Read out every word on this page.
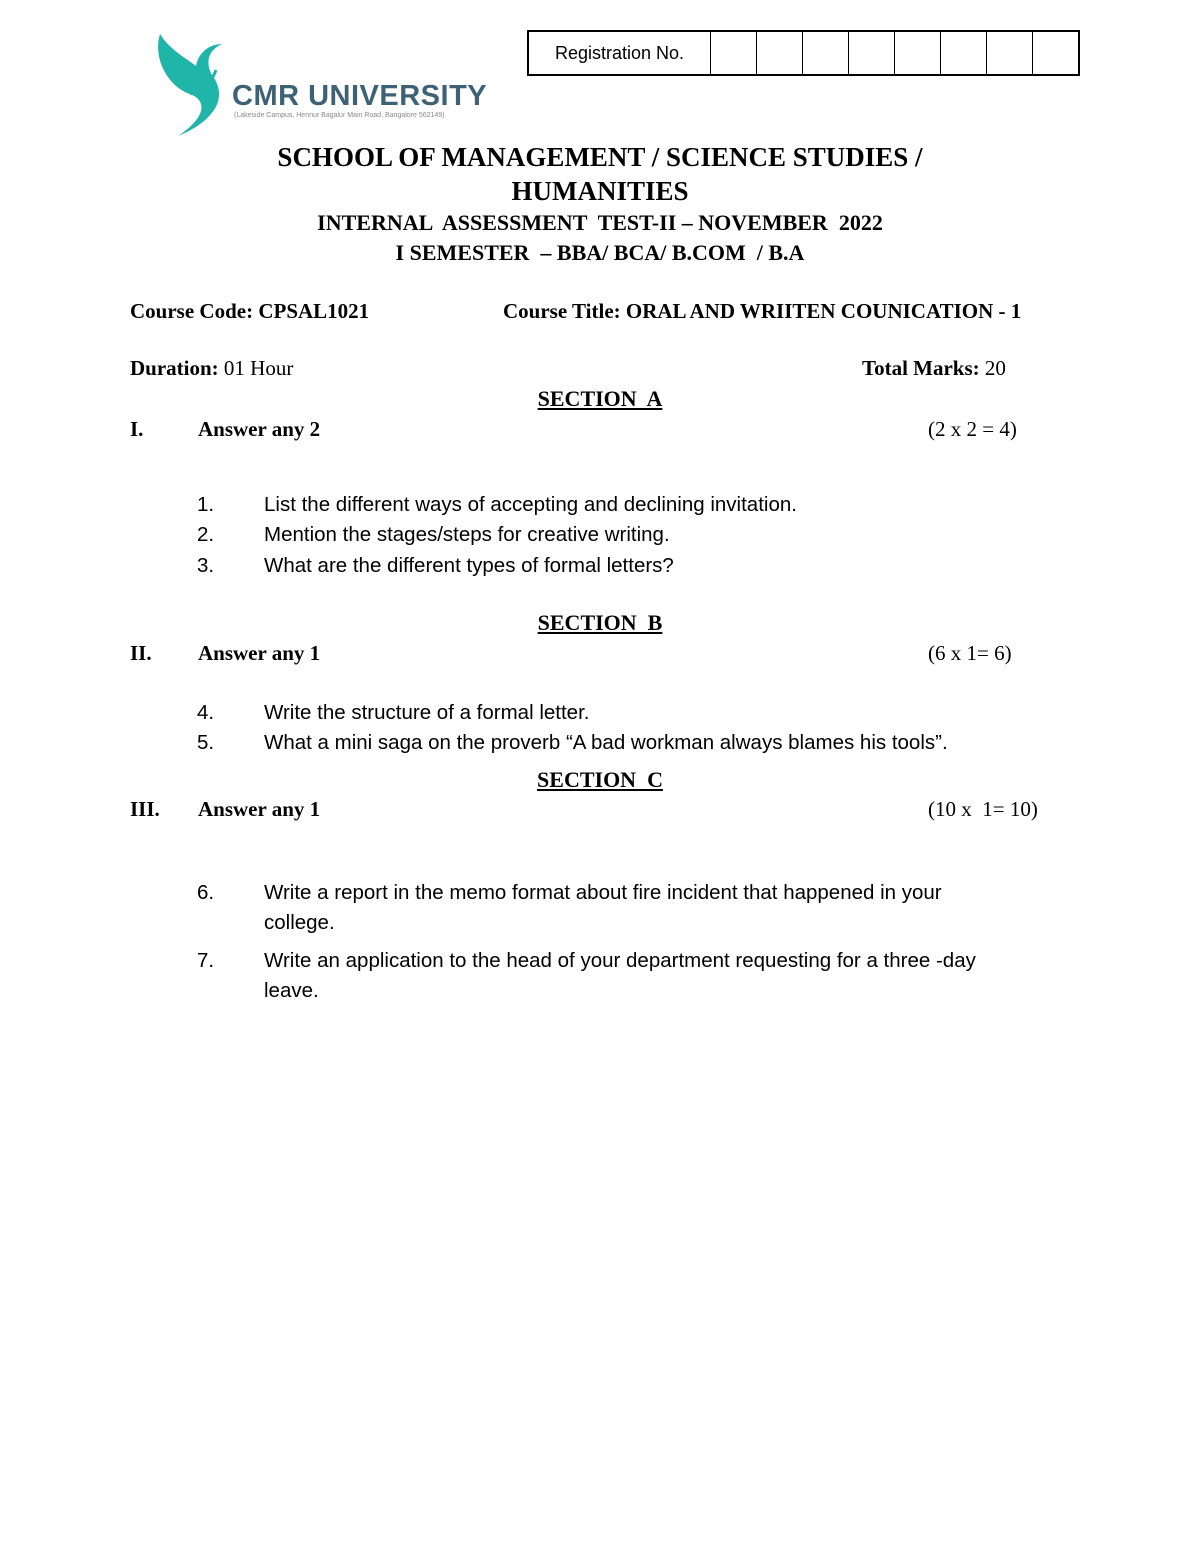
CMR UNIVERSITY
(Lakeside Campus, Hennur Bagalur Main Road, Bangalore 562149)
Registration No.
SCHOOL OF MANAGEMENT / SCIENCE STUDIES /
HUMANITIES
INTERNAL  ASSESSMENT  TEST-II – NOVEMBER  2022
I SEMESTER  – BBA/ BCA/ B.COM  / B.A
Course Code: CPSAL1021	Course Title: ORAL AND WRIITEN COUNICATION - 1
Duration: 01 Hour	Total Marks: 20
SECTION  A
I.	Answer any 2	(2 x 2 = 4)
1. List the different ways of accepting and declining invitation.
2. Mention the stages/steps for creative writing.
3. What are the different types of formal letters?
SECTION  B
II. Answer any 1	(6 x 1= 6)
4. Write the structure of a formal letter.
5. What a mini saga on the proverb “A bad workman always blames his tools”.
SECTION  C
III. Answer any 1	(10 x  1= 10)
6. Write a report in the memo format about fire incident that happened in your
college.
7. Write an application to the head of your department requesting for a three -day
leave.
